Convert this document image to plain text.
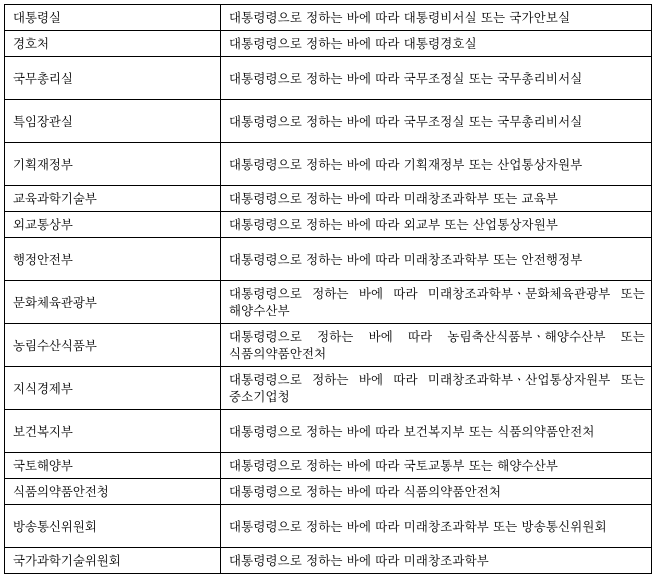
대통령실	대통령령으로 정하는 바에 따라 대통령비서실 또는 국가안보실
경호처	대통령령으로 정하는 바에 따라 대통령경호실
국무총리실	대통령령으로 정하는 바에 따라 국무조정실 또는 국무총리비서실
특임장관실	대통령령으로 정하는 바에 따라 국무조정실 또는 국무총리비서실
기획재정부	대통령령으로 정하는 바에 따라 기획재정부 또는 산업통상자원부
교육과학기술부	대통령령으로 정하는 바에 따라 미래창조과학부 또는 교육부
외교통상부	대통령령으로 정하는 바에 따라 외교부 또는 산업통상자원부
행정안전부	대통령령으로 정하는 바에 따라 미래창조과학부 또는 안전행정부
문화체육관광부	대통령령으로 정하는 바에 따라 미래창조과학부ㆍ문화체육관광부 또는 해양수산부
농림수산식품부	대통령령으로 정하는 바에 따라 농림축산식품부ㆍ해양수산부 또는 식품의약품안전처
지식경제부	대통령령으로 정하는 바에 따라 미래창조과학부ㆍ산업통상자원부 또는 중소기업청
보건복지부	대통령령으로 정하는 바에 따라 보건복지부 또는 식품의약품안전처
국토해양부	대통령령으로 정하는 바에 따라 국토교통부 또는 해양수산부
식품의약품안전청	대통령령으로 정하는 바에 따라 식품의약품안전처
방송통신위원회	대통령령으로 정하는 바에 따라 미래창조과학부 또는 방송통신위원회
국가과학기술위원회	대통령령으로 정하는 바에 따라 미래창조과학부
